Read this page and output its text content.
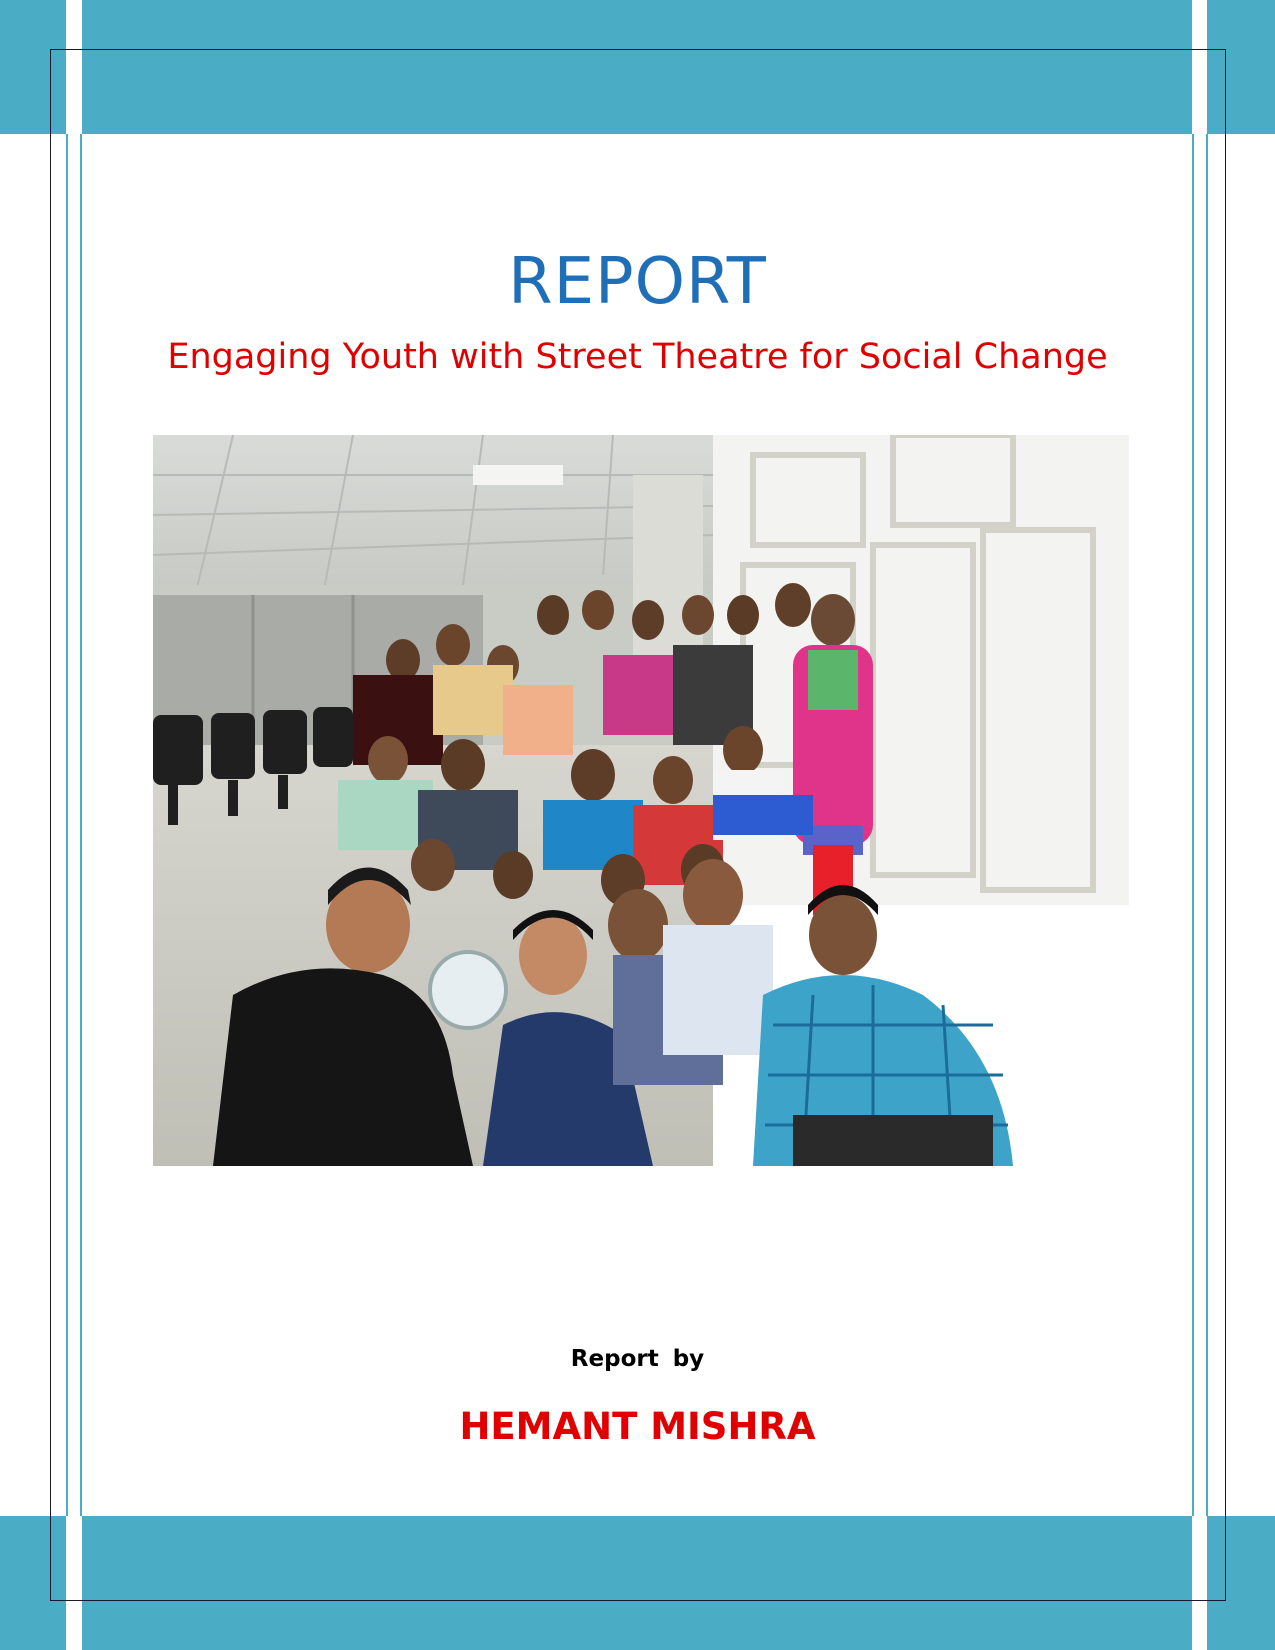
REPORT
Engaging Youth with Street Theatre for Social Change
Report by
HEMANT MISHRA
